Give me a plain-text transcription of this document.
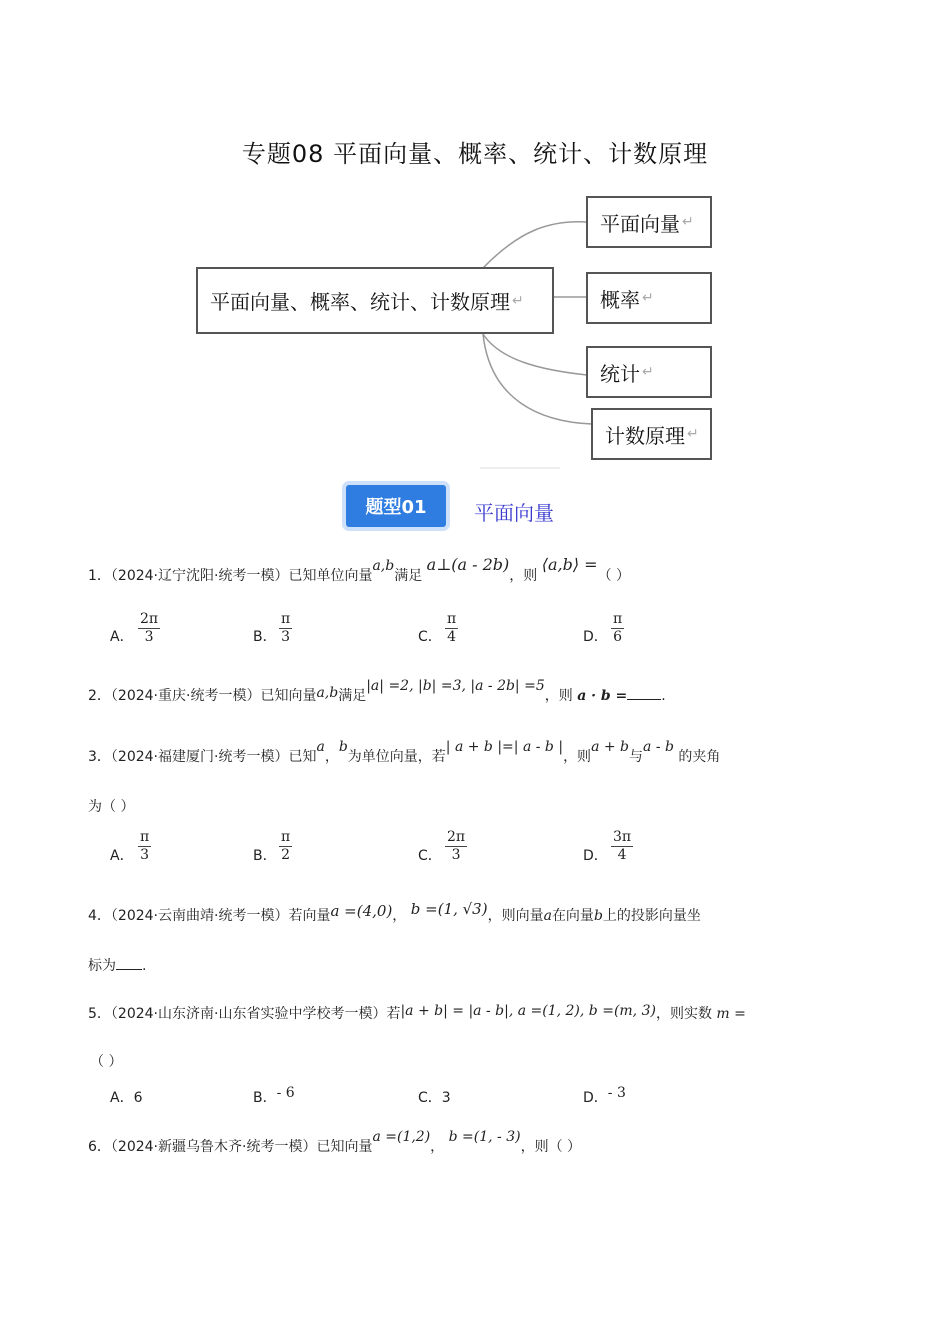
专题08 平面向量、概率、统计、计数原理
平面向量、概率、统计、计数原理 ↵
平面向量 ↵
概率 ↵
统计 ↵
计数原理 ↵
题型01	平面向量
1．（2024·辽宁沈阳·统考一模）已知单位向量a,b满足 a⊥(a - 2b)，则 ⟨a,b⟩ =（ ）
A． $\frac{2\pi}{3}$	B． $\frac{\pi}{3}$	C． $\frac{\pi}{4}$	D． $\frac{\pi}{6}$
2．（2024·重庆·统考一模）已知向量a,b满足|a| =2, |b| =3, |a - 2b| =5，则 a · b = .
3．（2024·福建厦门·统考一模）已知a，b为单位向量，若| a + b |=| a - b |，则a + b与a - b 的夹角
为（ ）
A． $\frac{\pi}{3}$	B． $\frac{\pi}{2}$	C． $\frac{2\pi}{3}$	D． $\frac{3\pi}{4}$
4．（2024·云南曲靖·统考一模）若向量a =(4,0)， b =(1, √3)，则向量a在向量b上的投影向量坐
标为 .
5．（2024·山东济南·山东省实验中学校考一模）若|a + b| = |a - b|, a =(1, 2), b =(m, 3)，则实数 m =
（ ）
A．6	B．- 6	C．3	D．- 3
6．（2024·新疆乌鲁木齐·统考一模）已知向量a =(1,2)， b =(1, - 3)，则（ ）
